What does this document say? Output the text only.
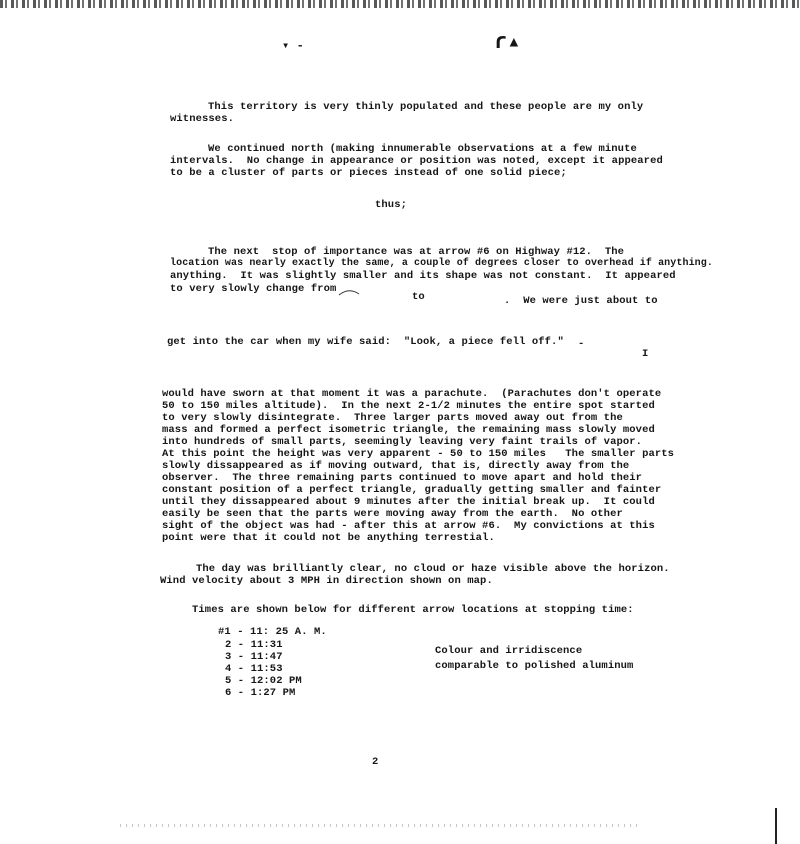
▾ ‐	ɾ▴
This territory is very thinly populated and these people are my only
witnesses.
We continued north (making innumerable observations at a few minute
intervals.  No change in appearance or position was noted, except it appeared
to be a cluster of parts or pieces instead of one solid piece;
thus;
The next  stop of importance was at arrow #6 on Highway #12.  The
location was nearly exactly the same, a couple of degrees closer to overhead if anything.
anything.  It was slightly smaller and its shape was not constant.  It appeared
to very slowly change from
to	.  We were just about to
get into the car when my wife said:  "Look, a piece fell off." -
I
would have sworn at that moment it was a parachute.  (Parachutes don't operate
50 to 150 miles altitude).  In the next 2-1/2 minutes the entire spot started
to very slowly disintegrate.  Three larger parts moved away out from the
mass and formed a perfect isometric triangle, the remaining mass slowly moved
into hundreds of small parts, seemingly leaving very faint trails of vapor.
At this point the height was very apparent - 50 to 150 miles   The smaller parts
slowly dissappeared as if moving outward, that is, directly away from the
observer.  The three remaining parts continued to move apart and hold their
constant position of a perfect triangle, gradually getting smaller and fainter
until they dissappeared about 9 minutes after the initial break up.  It could
easily be seen that the parts were moving away from the earth.  No other
sight of the object was had - after this at arrow #6.  My convictions at this
point were that it could not be anything terrestial.
The day was brilliantly clear, no cloud or haze visible above the horizon.
Wind velocity about 3 MPH in direction shown on map.
Times are shown below for different arrow locations at stopping time:
#1 - 11: 25 A. M.
2 - 11:31
3 - 11:47
4 - 11:53
5 - 12:02 PM
6 - 1:27 PM
Colour and irridiscence
comparable to polished aluminum
2
